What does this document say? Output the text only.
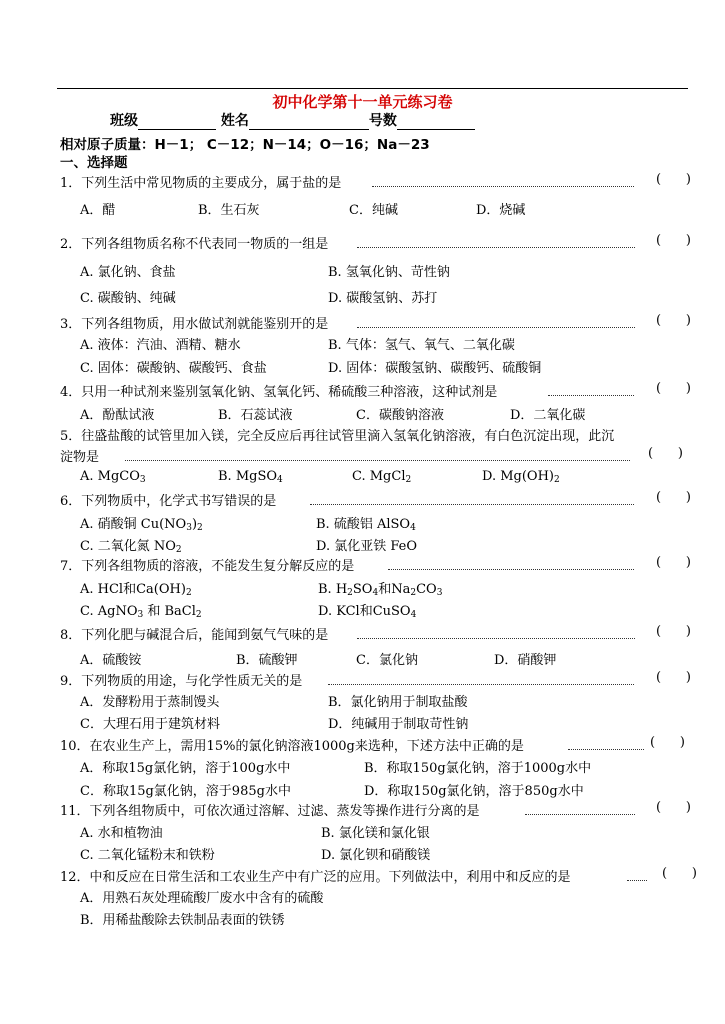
初中化学第十一单元练习卷
班级	姓名	号数
相对原子质量：H－1； C－12；N－14；O－16；Na－23
一、选择题
1．下列生活中常见物质的主要成分，属于盐的是	(      )
A．醋	B．生石灰	C．纯碱	D．烧碱
2．下列各组物质名称不代表同一物质的一组是	(      )
A. 氯化钠、食盐	B. 氢氧化钠、苛性钠
C. 碳酸钠、纯碱	D. 碳酸氢钠、苏打
3．下列各组物质，用水做试剂就能鉴别开的是	(      )
A. 液体：汽油、酒精、糖水	B. 气体：氢气、氧气、二氧化碳
C. 固体：碳酸钠、碳酸钙、食盐	D. 固体：碳酸氢钠、碳酸钙、硫酸铜
4．只用一种试剂来鉴别氢氧化钠、氢氧化钙、稀硫酸三种溶液，这种试剂是	(      )
A．酚酞试液	B．石蕊试液	C．碳酸钠溶液	D．二氧化碳
5．往盛盐酸的试管里加入镁，完全反应后再往试管里滴入氢氧化钠溶液，有白色沉淀出现，此沉
淀物是	(      )
A. MgCO$_3$	B. MgSO$_4$	C. MgCl$_2$	D. $Mg(OH)_2$
6．下列物质中，化学式书写错误的是	(      )
A. 硝酸铜 $Cu(NO_3)_2$	B. 硫酸铝 AlSO$_4$
C. 二氧化氮 $NO_2$	D. 氯化亚铁 FeO
7．下列各组物质的溶液，不能发生复分解反应的是	(      )
A. HCl和$Ca(OH)_2$	B. $H_2SO_4$和$Na_2CO_3$
C. AgNO$_3$ 和 BaCl$_2$	D. KCl和CuSO$_4$
8．下列化肥与碱混合后，能闻到氨气气味的是	(      )
A．硫酸铵	B．硫酸钾	C．氯化钠	D．硝酸钾
9．下列物质的用途，与化学性质无关的是	(      )
A．发酵粉用于蒸制馒头	B．氯化钠用于制取盐酸
C．大理石用于建筑材料	D．纯碱用于制取苛性钠
10．在农业生产上，需用15%的氯化钠溶液1000g来选种，下述方法中正确的是	(      )
A．称取15g氯化钠，溶于100g水中	B．称取150g氯化钠，溶于1000g水中
C．称取15g氯化钠，溶于985g水中	D．称取150g氯化钠，溶于850g水中
11．下列各组物质中，可依次通过溶解、过滤、蒸发等操作进行分离的是	(      )
A. 水和植物油	B. 氯化镁和氯化银
C. 二氧化锰粉末和铁粉	D. 氯化钡和硝酸镁
12．中和反应在日常生活和工农业生产中有广泛的应用。下列做法中，利用中和反应的是	(      )
A．用熟石灰处理硫酸厂废水中含有的硫酸
B．用稀盐酸除去铁制品表面的铁锈
